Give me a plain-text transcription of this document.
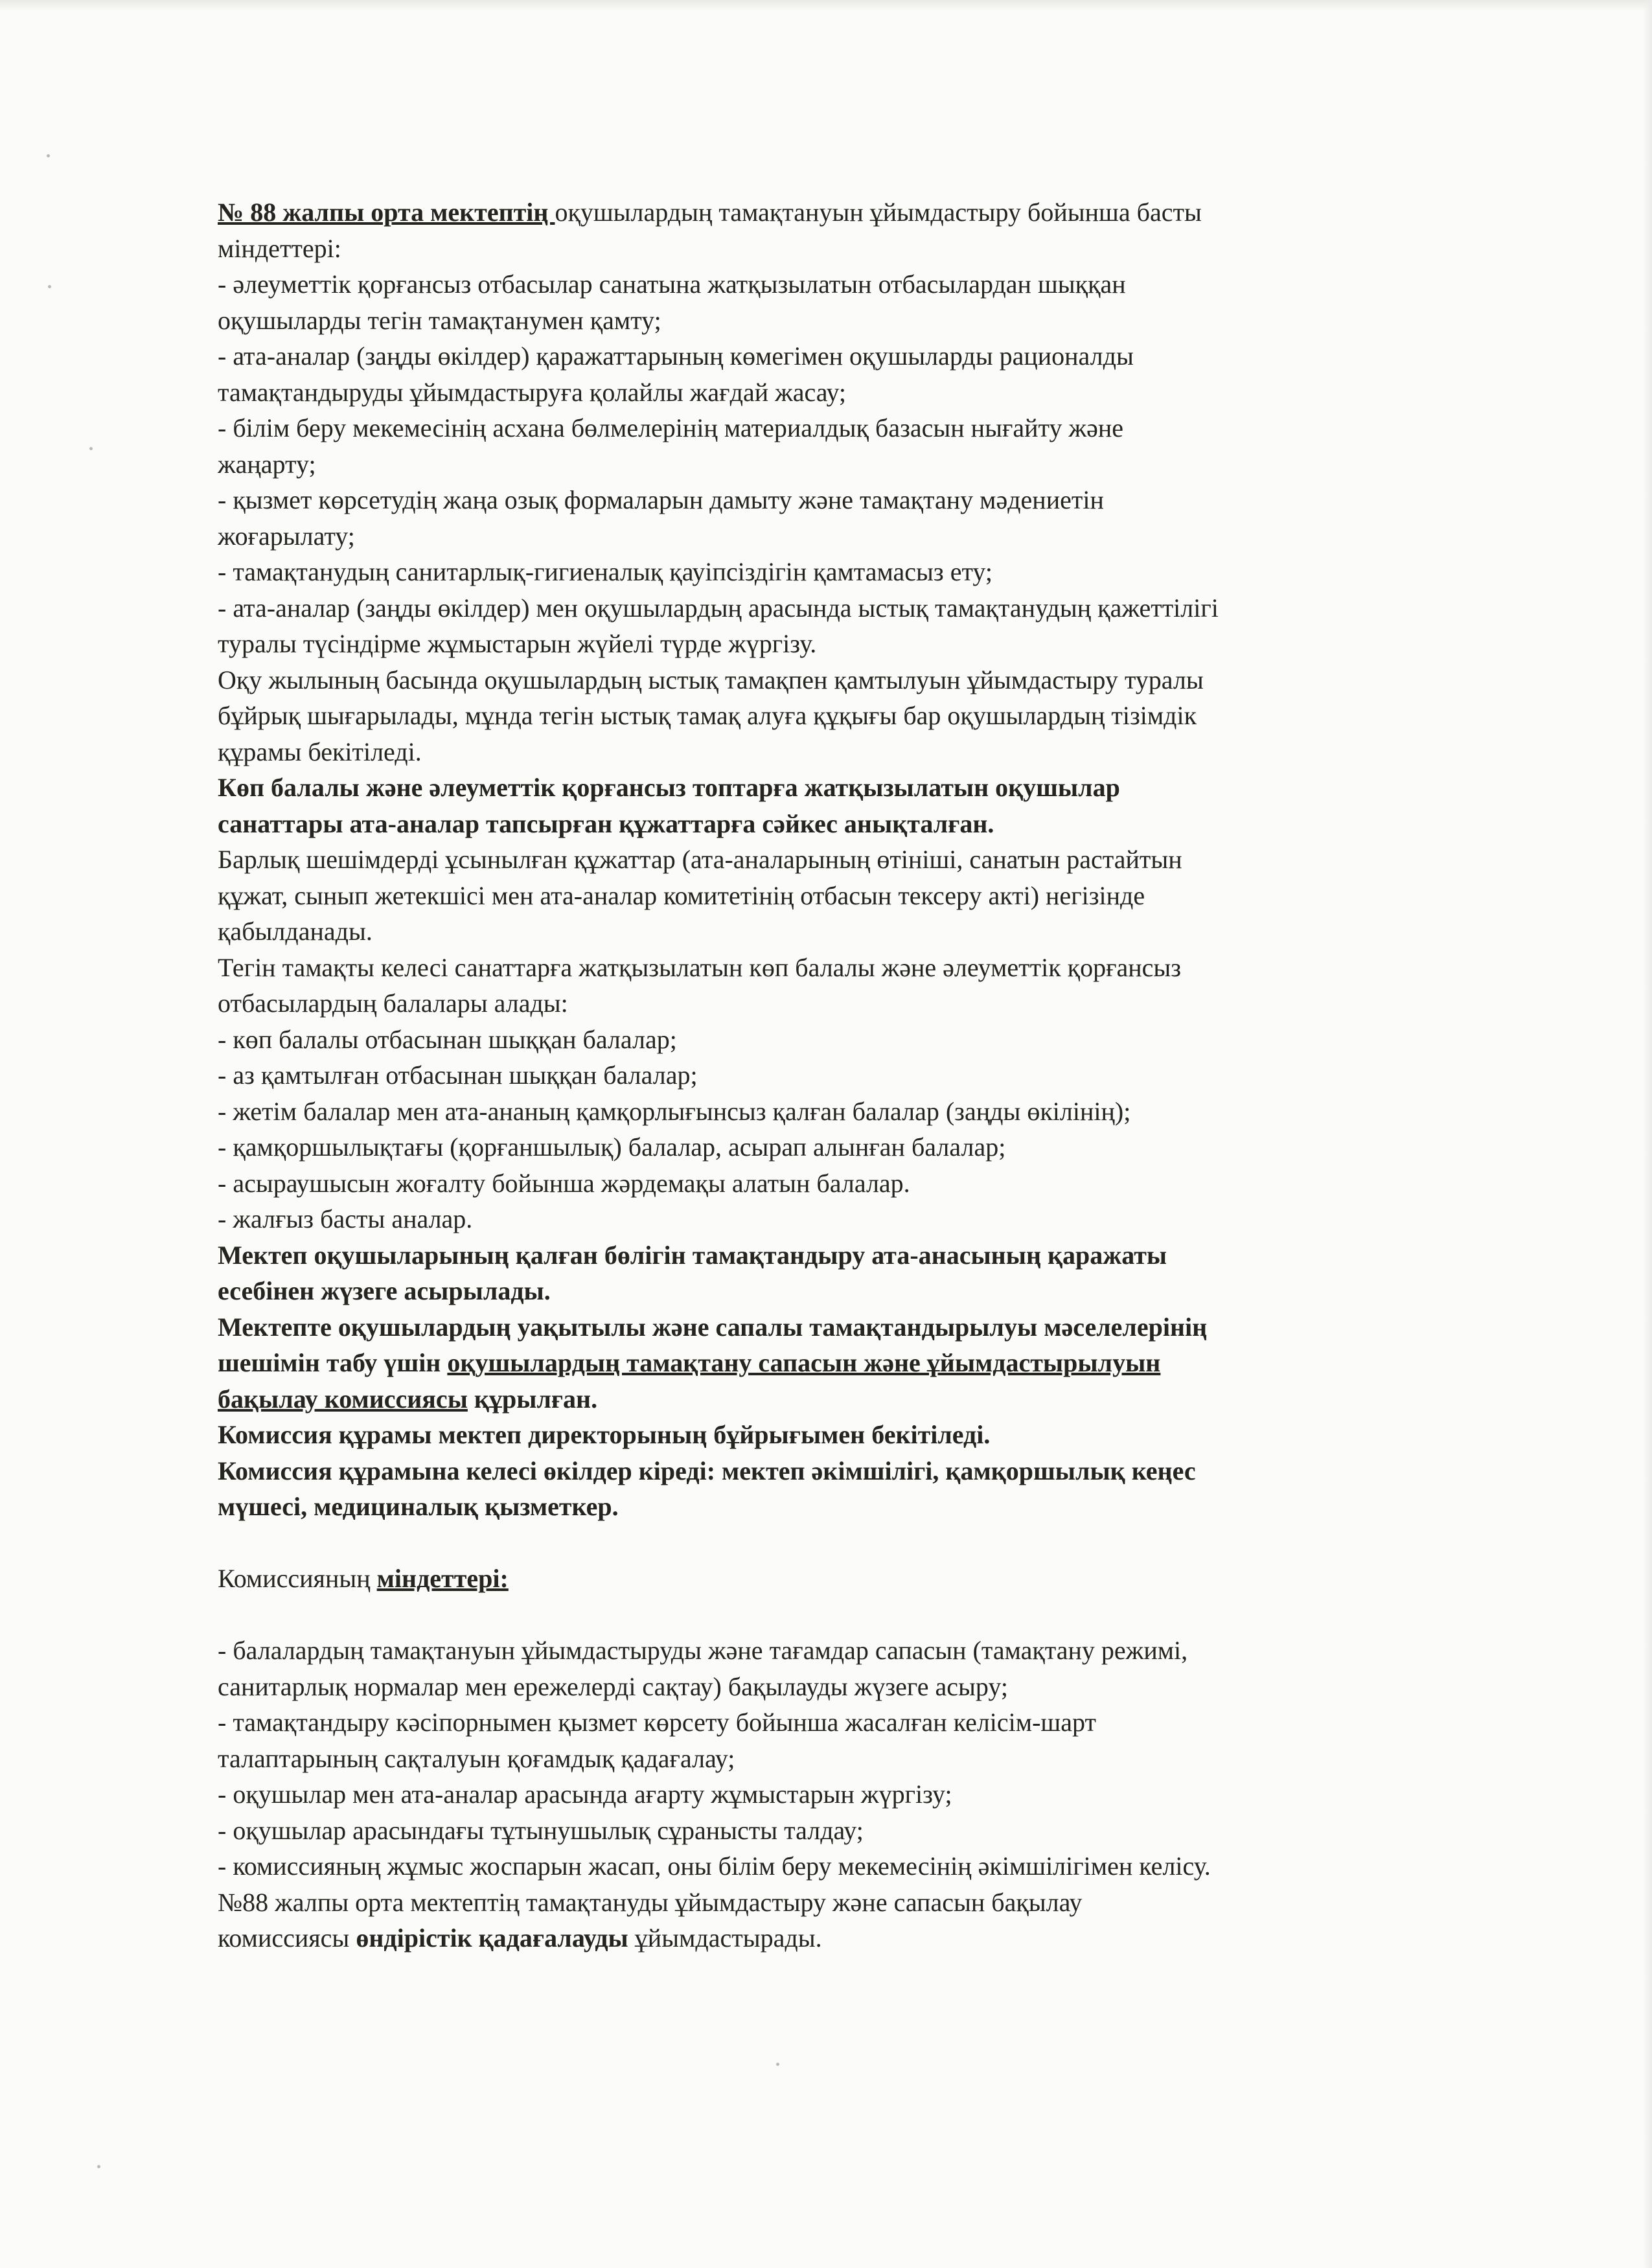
№ 88 жалпы орта мектептің оқушылардың тамақтануын ұйымдастыру бойынша басты
міндеттері:
- әлеуметтік қорғансыз отбасылар санатына жатқызылатын отбасылардан шыққан
оқушыларды тегін тамақтанумен қамту;
- ата-аналар (заңды өкілдер) қаражаттарының көмегімен оқушыларды рационалды
тамақтандыруды ұйымдастыруға қолайлы жағдай жасау;
- білім беру мекемесінің асхана бөлмелерінің материалдық базасын нығайту және
жаңарту;
- қызмет көрсетудің жаңа озық формаларын дамыту және тамақтану мәдениетін
жоғарылату;
- тамақтанудың санитарлық-гигиеналық қауіпсіздігін қамтамасыз ету;
- ата-аналар (заңды өкілдер) мен оқушылардың арасында ыстық тамақтанудың қажеттілігі
туралы түсіндірме жұмыстарын жүйелі түрде жүргізу.
Оқу жылының басында оқушылардың ыстық тамақпен қамтылуын ұйымдастыру туралы
бұйрық шығарылады, мұнда тегін ыстық тамақ алуға құқығы бар оқушылардың тізімдік
құрамы бекітіледі.
Көп балалы және әлеуметтік қорғансыз топтарға жатқызылатын оқушылар
санаттары ата-аналар тапсырған құжаттарға сәйкес анықталған.
Барлық шешімдерді ұсынылған құжаттар (ата-аналарының өтініші, санатын растайтын
құжат, сынып жетекшісі мен ата-аналар комитетінің отбасын тексеру акті) негізінде
қабылданады.
Тегін тамақты келесі санаттарға жатқызылатын көп балалы және әлеуметтік қорғансыз
отбасылардың балалары алады:
- көп балалы отбасынан шыққан балалар;
- аз қамтылған отбасынан шыққан балалар;
- жетім балалар мен ата-ананың қамқорлығынсыз қалған балалар (заңды өкілінің);
- қамқоршылықтағы (қорғаншылық) балалар, асырап алынған балалар;
- асыраушысын жоғалту бойынша жәрдемақы алатын балалар.
- жалғыз басты аналар.
Мектеп оқушыларының қалған бөлігін тамақтандыру ата-анасының қаражаты
есебінен жүзеге асырылады.
Мектепте оқушылардың уақытылы және сапалы тамақтандырылуы мәселелерінің
шешімін табу үшін оқушылардың тамақтану сапасын және ұйымдастырылуын
бақылау комиссиясы құрылған.
Комиссия құрамы мектеп директорының бұйрығымен бекітіледі.
Комиссия құрамына келесі өкілдер кіреді: мектеп әкімшілігі, қамқоршылық кеңес
мүшесі, медициналық қызметкер.
Комиссияның міндеттері:
- балалардың тамақтануын ұйымдастыруды және тағамдар сапасын (тамақтану режимі,
санитарлық нормалар мен ережелерді сақтау) бақылауды жүзеге асыру;
- тамақтандыру кәсіпорнымен қызмет көрсету бойынша жасалған келісім-шарт
талаптарының сақталуын қоғамдық қадағалау;
- оқушылар мен ата-аналар арасында ағарту жұмыстарын жүргізу;
- оқушылар арасындағы тұтынушылық сұранысты талдау;
- комиссияның жұмыс жоспарын жасап, оны білім беру мекемесінің әкімшілігімен келісу.
№88 жалпы орта мектептің тамақтануды ұйымдастыру және сапасын бақылау
комиссиясы өндірістік қадағалауды ұйымдастырады.
